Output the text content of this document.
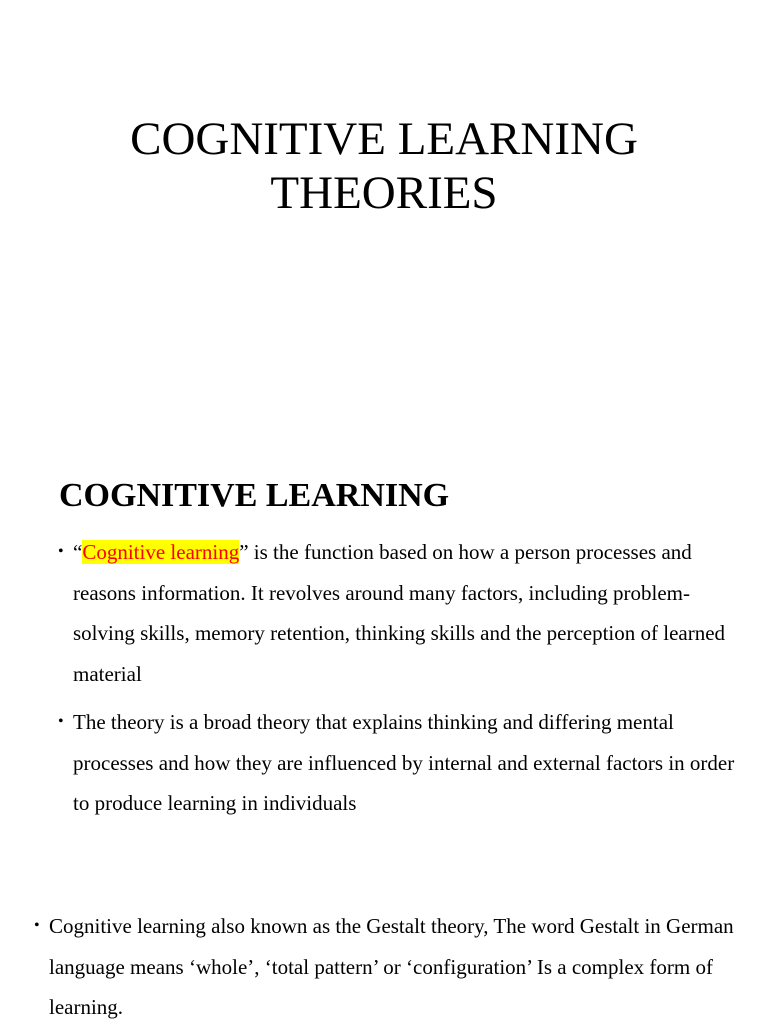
COGNITIVE LEARNING
THEORIES
COGNITIVE LEARNING
• “Cognitive learning” is the function based on how a person processes and reasons information. It revolves around many factors, including problem-solving skills, memory retention, thinking skills and the perception of learned material
• The theory is a broad theory that explains thinking and differing mental processes and how they are influenced by internal and external factors in order to produce learning in individuals
• Cognitive learning also known as the Gestalt theory, The word Gestalt in German language means ‘whole’, ‘total pattern’ or ‘configuration’ Is a complex form of learning.
